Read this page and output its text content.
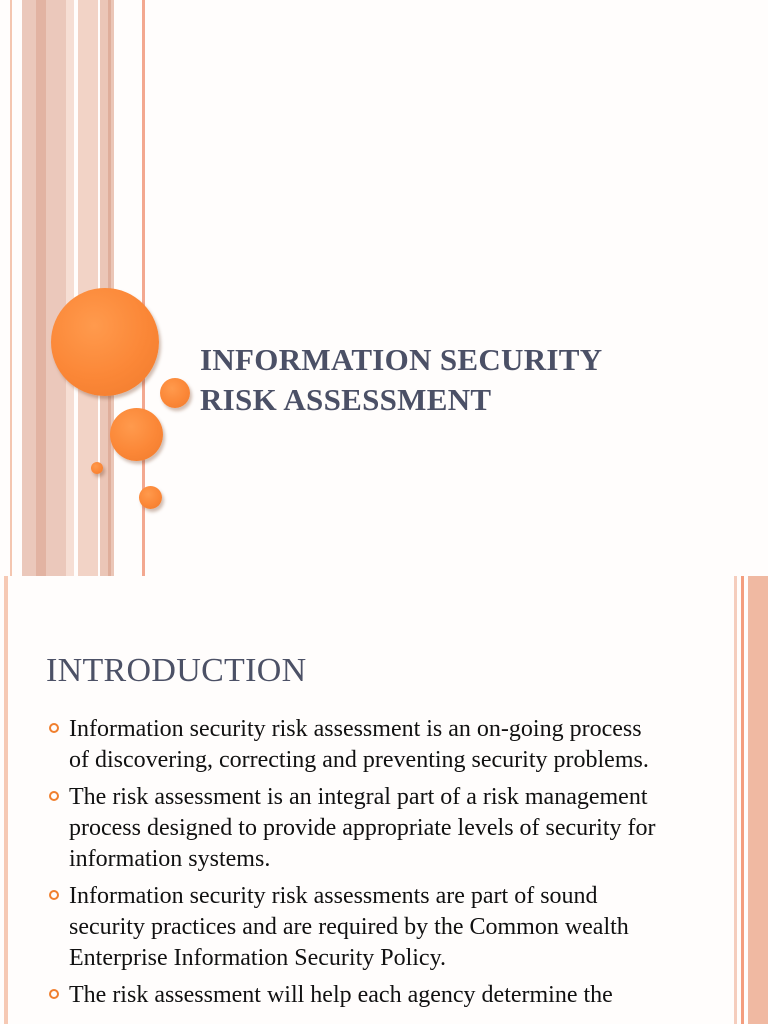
INFORMATION SECURITY
RISK ASSESSMENT
INTRODUCTION
Information security risk assessment is an on-going process of discovering, correcting and preventing security problems.
The risk assessment is an integral part of a risk management process designed to provide appropriate levels of security for information systems.
Information security risk assessments are part of sound security practices and are required by the Common wealth Enterprise Information Security Policy.
The risk assessment will help each agency determine the
